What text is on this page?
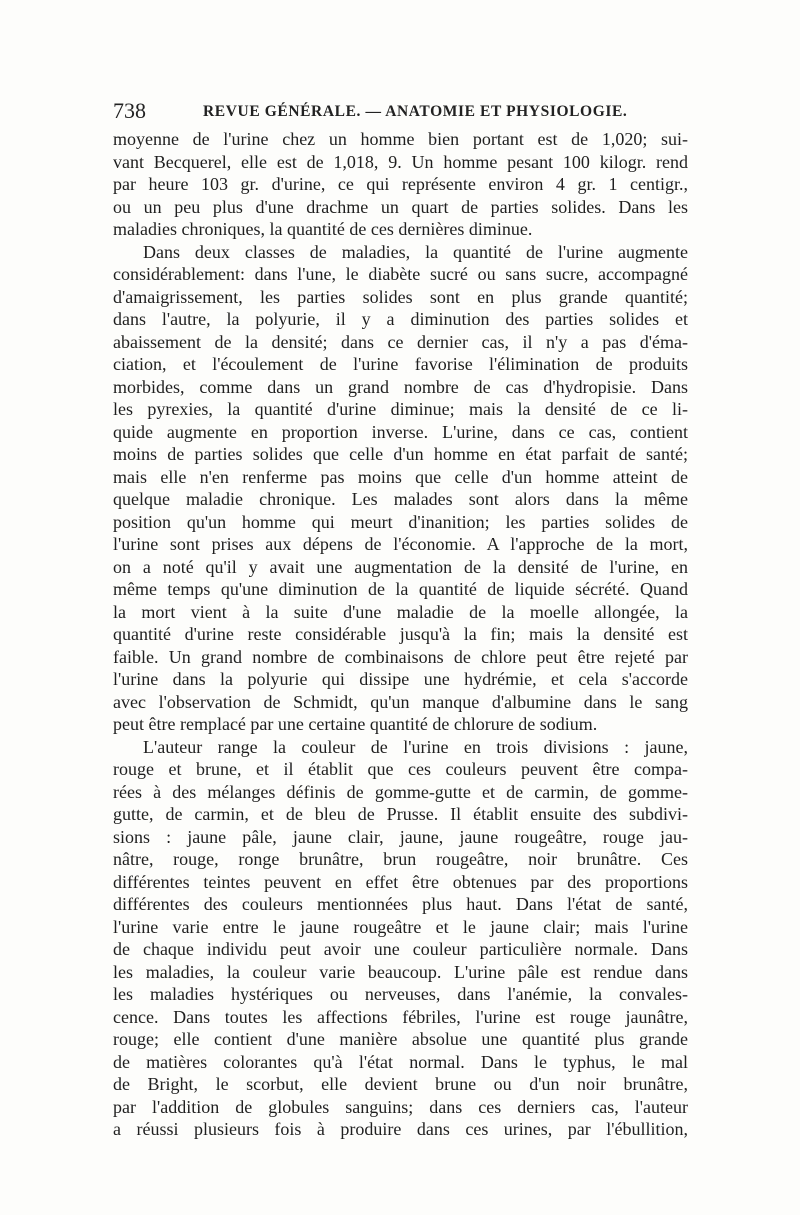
738	REVUE GÉNÉRALE. — ANATOMIE ET PHYSIOLOGIE.
moyenne de l'urine chez un homme bien portant est de 1,020; sui-
vant Becquerel, elle est de 1,018, 9. Un homme pesant 100 kilogr. rend
par heure 103 gr. d'urine, ce qui représente environ 4 gr. 1 centigr.,
ou un peu plus d'une drachme un quart de parties solides. Dans les
maladies chroniques, la quantité de ces dernières diminue.
Dans deux classes de maladies, la quantité de l'urine augmente
considérablement: dans l'une, le diabète sucré ou sans sucre, accompagné
d'amaigrissement, les parties solides sont en plus grande quantité;
dans l'autre, la polyurie, il y a diminution des parties solides et
abaissement de la densité; dans ce dernier cas, il n'y a pas d'éma-
ciation, et l'écoulement de l'urine favorise l'élimination de produits
morbides, comme dans un grand nombre de cas d'hydropisie. Dans
les pyrexies, la quantité d'urine diminue; mais la densité de ce li-
quide augmente en proportion inverse. L'urine, dans ce cas, contient
moins de parties solides que celle d'un homme en état parfait de santé;
mais elle n'en renferme pas moins que celle d'un homme atteint de
quelque maladie chronique. Les malades sont alors dans la même
position qu'un homme qui meurt d'inanition; les parties solides de
l'urine sont prises aux dépens de l'économie. A l'approche de la mort,
on a noté qu'il y avait une augmentation de la densité de l'urine, en
même temps qu'une diminution de la quantité de liquide sécrété. Quand
la mort vient à la suite d'une maladie de la moelle allongée, la
quantité d'urine reste considérable jusqu'à la fin; mais la densité est
faible. Un grand nombre de combinaisons de chlore peut être rejeté par
l'urine dans la polyurie qui dissipe une hydrémie, et cela s'accorde
avec l'observation de Schmidt, qu'un manque d'albumine dans le sang
peut être remplacé par une certaine quantité de chlorure de sodium.
L'auteur range la couleur de l'urine en trois divisions : jaune,
rouge et brune, et il établit que ces couleurs peuvent être compa-
rées à des mélanges définis de gomme-gutte et de carmin, de gomme-
gutte, de carmin, et de bleu de Prusse. Il établit ensuite des subdivi-
sions : jaune pâle, jaune clair, jaune, jaune rougeâtre, rouge jau-
nâtre, rouge, ronge brunâtre, brun rougeâtre, noir brunâtre. Ces
différentes teintes peuvent en effet être obtenues par des proportions
différentes des couleurs mentionnées plus haut. Dans l'état de santé,
l'urine varie entre le jaune rougeâtre et le jaune clair; mais l'urine
de chaque individu peut avoir une couleur particulière normale. Dans
les maladies, la couleur varie beaucoup. L'urine pâle est rendue dans
les maladies hystériques ou nerveuses, dans l'anémie, la convales-
cence. Dans toutes les affections fébriles, l'urine est rouge jaunâtre,
rouge; elle contient d'une manière absolue une quantité plus grande
de matières colorantes qu'à l'état normal. Dans le typhus, le mal
de Bright, le scorbut, elle devient brune ou d'un noir brunâtre,
par l'addition de globules sanguins; dans ces derniers cas, l'auteur
a réussi plusieurs fois à produire dans ces urines, par l'ébullition,
